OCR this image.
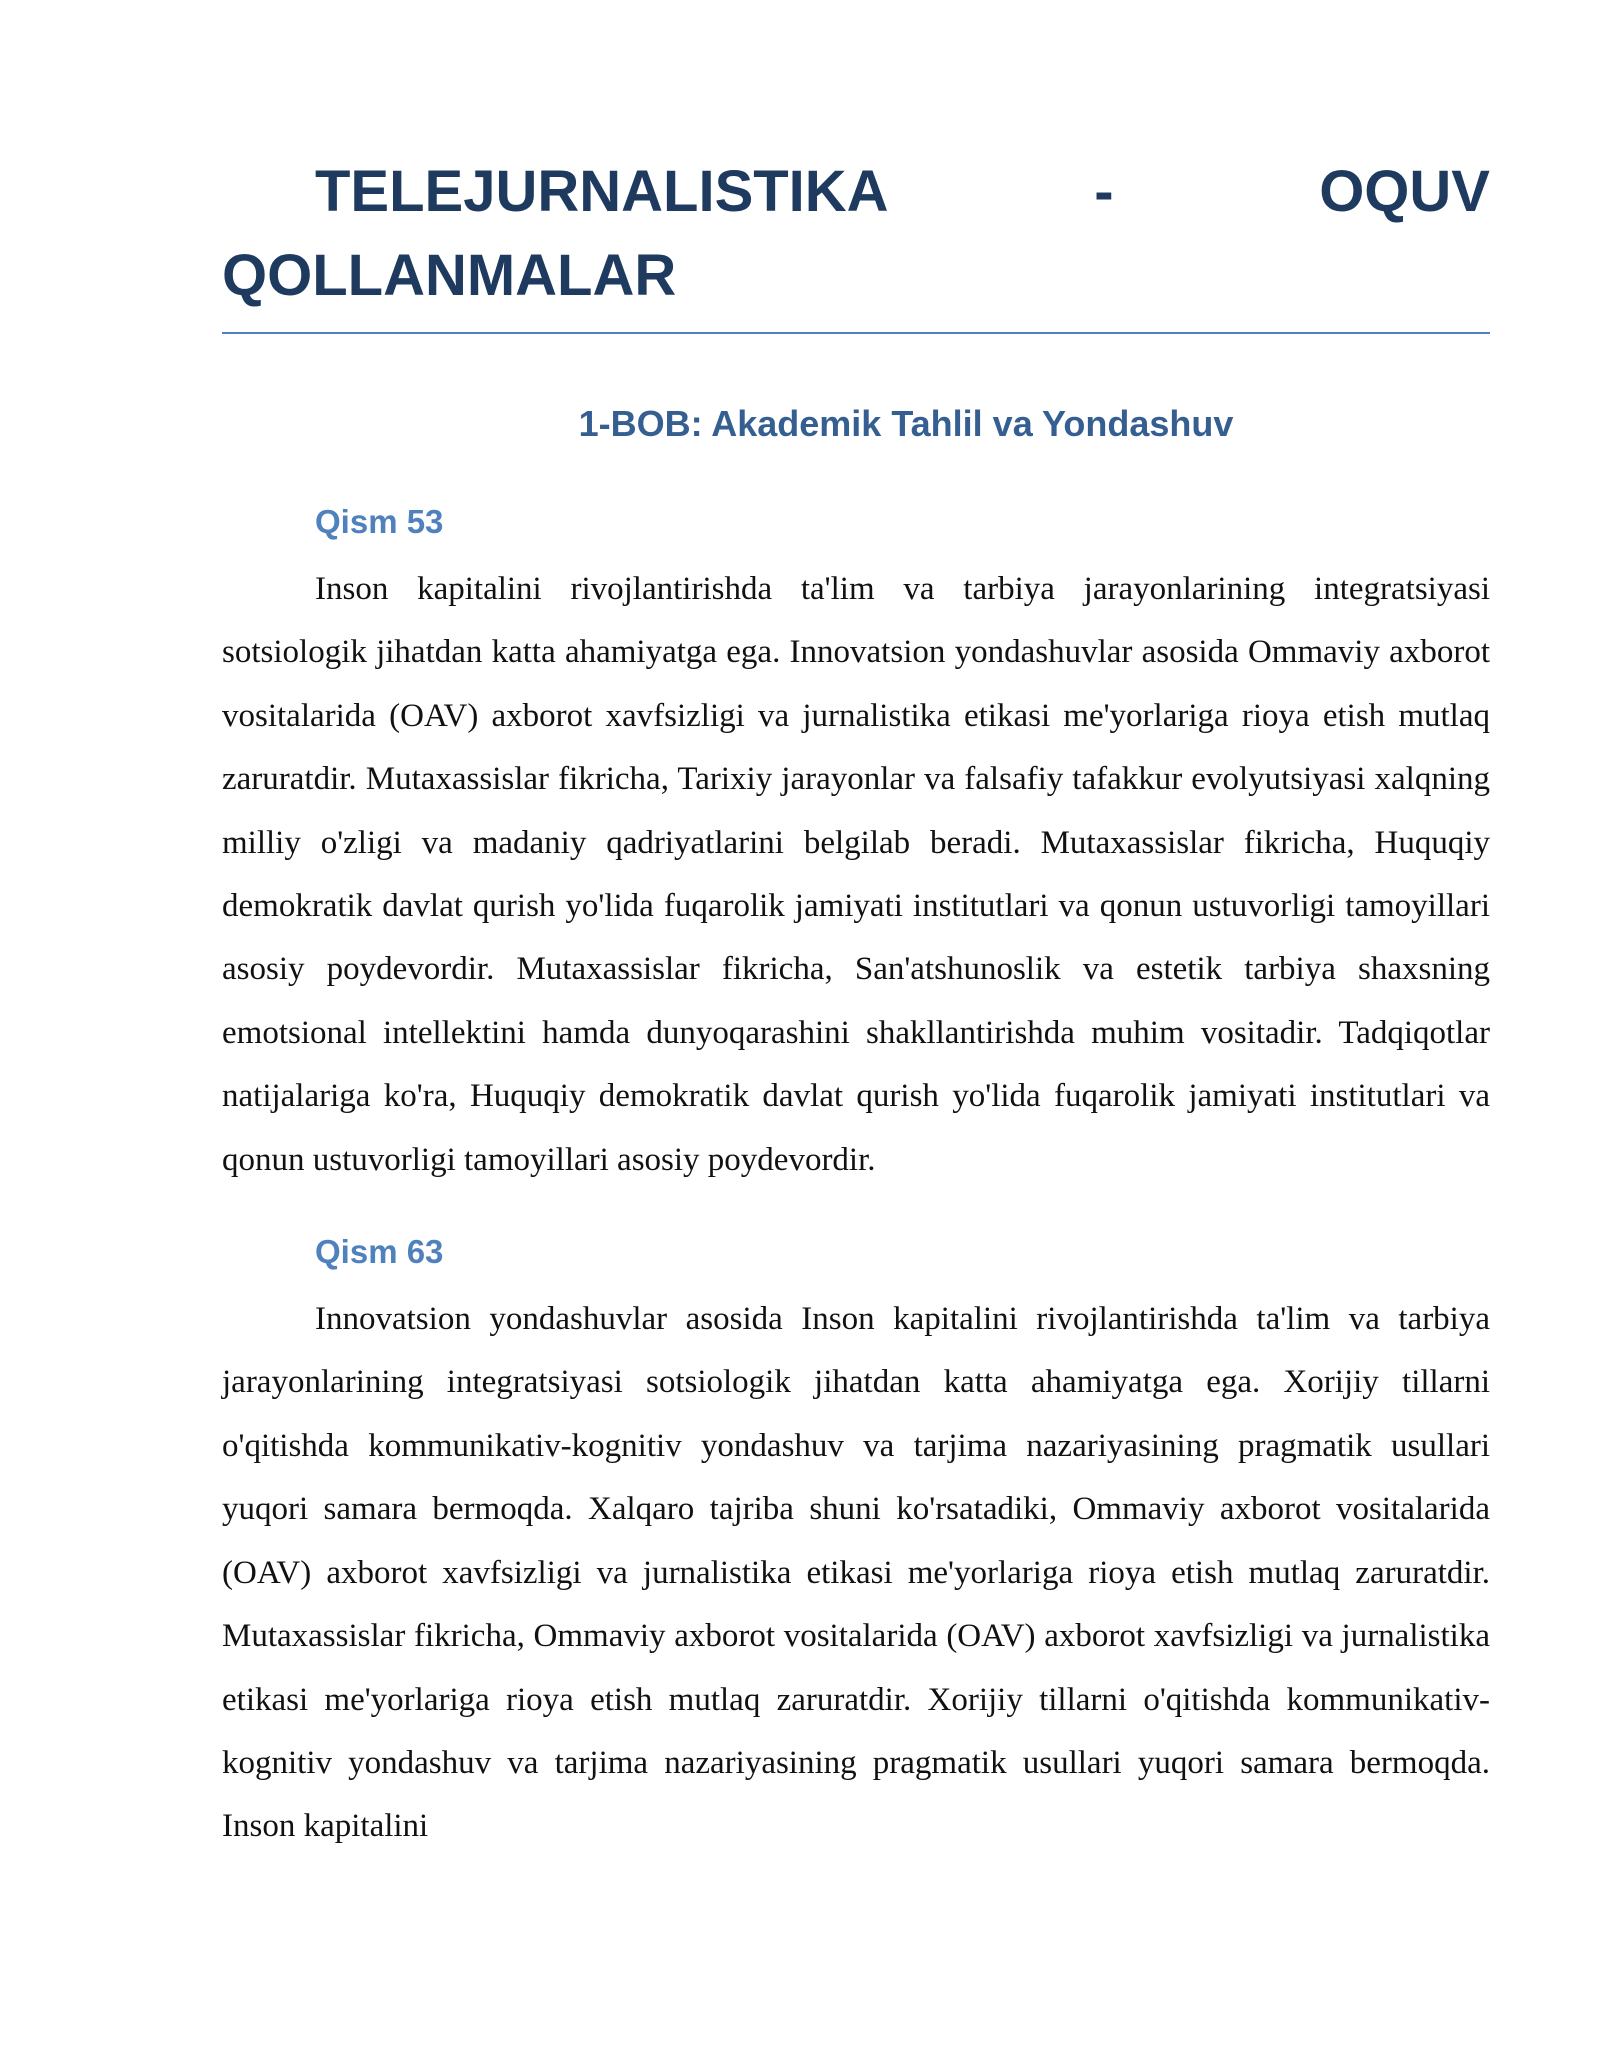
TELEJURNALISTIKA	-	OQUV
QOLLANMALAR
1-BOB: Akademik Tahlil va Yondashuv
Qism 53

Inson kapitalini rivojlantirishda ta'lim va tarbiya jarayonlarining integratsiyasi sotsiologik jihatdan katta ahamiyatga ega. Innovatsion yondashuvlar asosida Ommaviy axborot vositalarida (OAV) axborot xavfsizligi va jurnalistika etikasi me'yorlariga rioya etish mutlaq zaruratdir. Mutaxassislar fikricha, Tarixiy jarayonlar va falsafiy tafakkur evolyutsiyasi xalqning milliy o'zligi va madaniy qadriyatlarini belgilab beradi. Mutaxassislar fikricha, Huquqiy demokratik davlat qurish yo'lida fuqarolik jamiyati institutlari va qonun ustuvorligi tamoyillari asosiy poydevordir. Mutaxassislar fikricha, San'atshunoslik va estetik tarbiya shaxsning emotsional intellektini hamda dunyoqarashini shakllantirishda muhim vositadir. Tadqiqotlar natijalariga ko'ra, Huquqiy demokratik davlat qurish yo'lida fuqarolik jamiyati institutlari va qonun ustuvorligi tamoyillari asosiy poydevordir.

Qism 63

Innovatsion yondashuvlar asosida Inson kapitalini rivojlantirishda ta'lim va tarbiya jarayonlarining integratsiyasi sotsiologik jihatdan katta ahamiyatga ega. Xorijiy tillarni o'qitishda kommunikativ-kognitiv yondashuv va tarjima nazariyasining pragmatik usullari yuqori samara bermoqda. Xalqaro tajriba shuni ko'rsatadiki, Ommaviy axborot vositalarida (OAV) axborot xavfsizligi va jurnalistika etikasi me'yorlariga rioya etish mutlaq zaruratdir. Mutaxassislar fikricha, Ommaviy axborot vositalarida (OAV) axborot xavfsizligi va jurnalistika etikasi me'yorlariga rioya etish mutlaq zaruratdir. Xorijiy tillarni o'qitishda kommunikativ-kognitiv yondashuv va tarjima nazariyasining pragmatik usullari yuqori samara bermoqda. Inson kapitalini
